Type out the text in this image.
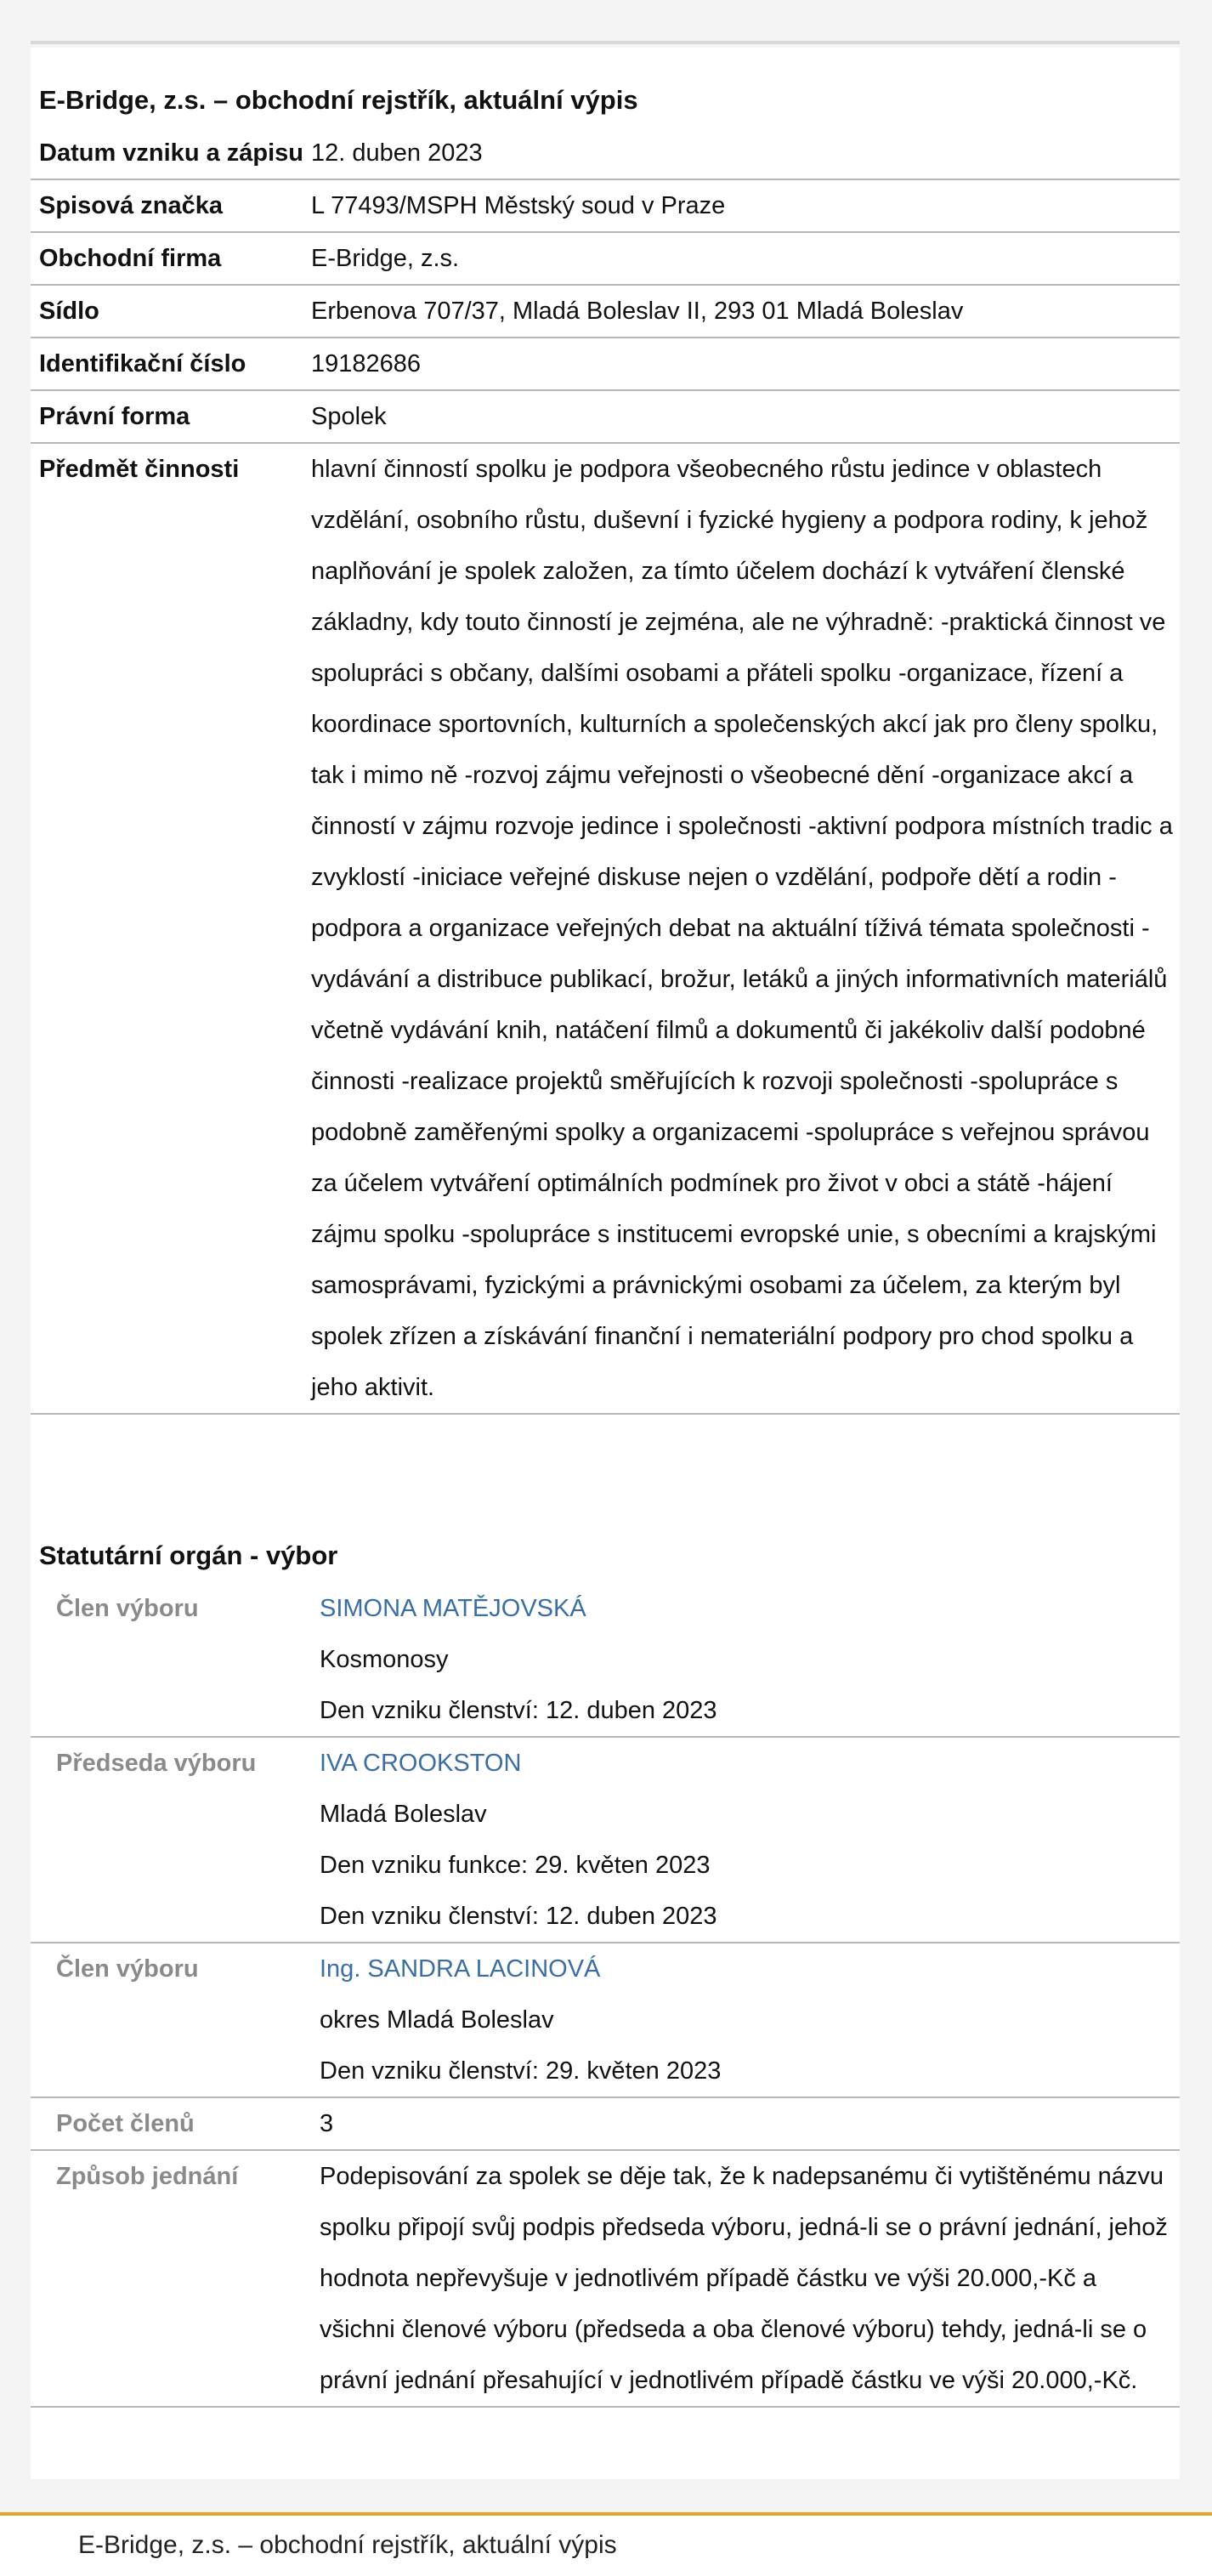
E-Bridge, z.s. – obchodní rejstřík, aktuální výpis
Datum vzniku a zápisu	12. duben 2023
Spisová značka	L 77493/MSPH Městský soud v Praze
Obchodní firma	E-Bridge, z.s.
Sídlo	Erbenova 707/37, Mladá Boleslav II, 293 01 Mladá Boleslav
Identifikační číslo	19182686
Právní forma	Spolek
Předmět činnosti	hlavní činností spolku je podpora všeobecného růstu jedince v oblastech vzdělání, osobního růstu, duševní i fyzické hygieny a podpora rodiny, k jehož naplňování je spolek založen, za tímto účelem dochází k vytváření členské základny, kdy touto činností je zejména, ale ne výhradně: -praktická činnost ve spolupráci s občany, dalšími osobami a přáteli spolku -organizace, řízení a koordinace sportovních, kulturních a společenských akcí jak pro členy spolku, tak i mimo ně -rozvoj zájmu veřejnosti o všeobecné dění -organizace akcí a činností v zájmu rozvoje jedince i společnosti -aktivní podpora místních tradic a zvyklostí -iniciace veřejné diskuse nejen o vzdělání, podpoře dětí a rodin -podpora a organizace veřejných debat na aktuální tíživá témata společnosti -vydávání a distribuce publikací, brožur, letáků a jiných informativních materiálů včetně vydávání knih, natáčení filmů a dokumentů či jakékoliv další podobné činnosti -realizace projektů směřujících k rozvoji společnosti -spolupráce s podobně zaměřenými spolky a organizacemi -spolupráce s veřejnou správou za účelem vytváření optimálních podmínek pro život v obci a státě -hájení zájmu spolku -spolupráce s institucemi evropské unie, s obecními a krajskými samosprávami, fyzickými a právnickými osobami za účelem, za kterým byl spolek zřízen a získávání finanční i nemateriální podpory pro chod spolku a jeho aktivit.
Statutární orgán - výbor
Člen výboru	SIMONA MATĚJOVSKÁ
Kosmonosy
Den vzniku členství: 12. duben 2023

Předseda výboru	IVA CROOKSTON
Mladá Boleslav
Den vzniku funkce: 29. květen 2023
Den vzniku členství: 12. duben 2023

Člen výboru	Ing. SANDRA LACINOVÁ
okres Mladá Boleslav
Den vzniku členství: 29. květen 2023

Počet členů	3
Způsob jednání	Podepisování za spolek se děje tak, že k nadepsanému či vytištěnému názvu spolku připojí svůj podpis předseda výboru, jedná-li se o právní jednání, jehož hodnota nepřevyšuje v jednotlivém případě částku ve výši 20.000,-Kč a všichni členové výboru (předseda a oba členové výboru) tehdy, jedná-li se o právní jednání přesahující v jednotlivém případě částku ve výši 20.000,-Kč.
E-Bridge, z.s. – obchodní rejstřík, aktuální výpis
